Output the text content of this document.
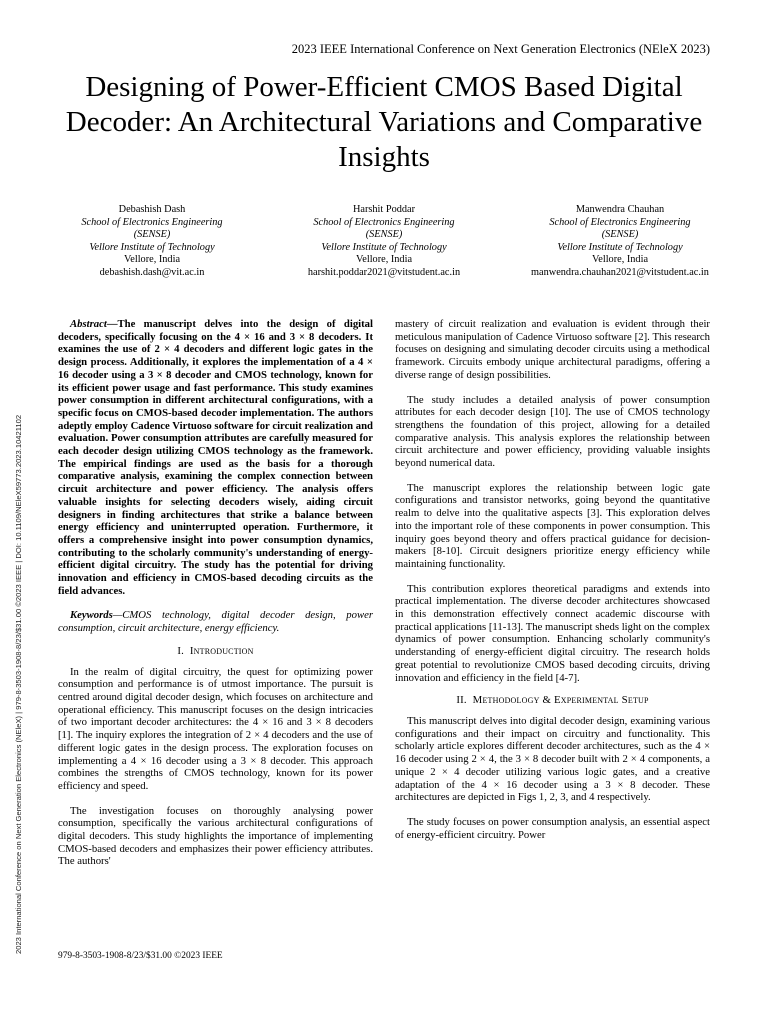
2023 IEEE International Conference on Next Generation Electronics (NEleX 2023)
Designing of Power-Efficient CMOS Based Digital Decoder: An Architectural Variations and Comparative Insights
Debashish Dash
School of Electronics Engineering
(SENSE)
Vellore Institute of Technology
Vellore, India
debashish.dash@vit.ac.in
Harshit Poddar
School of Electronics Engineering
(SENSE)
Vellore Institute of Technology
Vellore, India
harshit.poddar2021@vitstudent.ac.in
Manwendra Chauhan
School of Electronics Engineering
(SENSE)
Vellore Institute of Technology
Vellore, India
manwendra.chauhan2021@vitstudent.ac.in
2023 International Conference on Next Generation Electronics (NEleX) | 979-8-3503-1908-8/23/$31.00 ©2023 IEEE | DOI: 10.1109/NEleX59773.2023.10421102

Abstract—The manuscript delves into the design of digital decoders, specifically focusing on the 4 × 16 and 3 × 8 decoders. It examines the use of 2 × 4 decoders and different logic gates in the design process. Additionally, it explores the implementation of a 4 × 16 decoder using a 3 × 8 decoder and CMOS technology, known for its efficient power usage and fast performance. This study examines power consumption in different architectural configurations, with a specific focus on CMOS-based decoder implementation. The authors adeptly employ Cadence Virtuoso software for circuit realization and evaluation. Power consumption attributes are carefully measured for each decoder design utilizing CMOS technology as the framework. The empirical findings are used as the basis for a thorough comparative analysis, examining the complex connection between circuit architecture and power efficiency. The analysis offers valuable insights for selecting decoders wisely, aiding circuit designers in finding architectures that strike a balance between energy efficiency and uninterrupted operation. Furthermore, it offers a comprehensive insight into power consumption dynamics, contributing to the scholarly community's understanding of energy-efficient digital circuitry. The study has the potential for driving innovation and efficiency in CMOS-based decoding circuits as the field advances.

Keywords—CMOS technology, digital decoder design, power consumption, circuit architecture, energy efficiency.

I. Introduction

In the realm of digital circuitry, the quest for optimizing power consumption and performance is of utmost importance. The pursuit is centred around digital decoder design, which focuses on architecture and operational efficiency. This manuscript focuses on the design intricacies of two important decoder architectures: the 4 × 16 and 3 × 8 decoders [1]. The inquiry explores the integration of 2 × 4 decoders and the use of different logic gates in the design process. The exploration focuses on implementing a 4 × 16 decoder using a 3 × 8 decoder. This approach combines the strengths of CMOS technology, known for its power efficiency and speed.

The investigation focuses on thoroughly analysing power consumption, specifically the various architectural configurations of digital decoders. This study highlights the importance of implementing CMOS-based decoders and emphasizes their power efficiency attributes. The authors'

mastery of circuit realization and evaluation is evident through their meticulous manipulation of Cadence Virtuoso software [2]. This research focuses on designing and simulating decoder circuits using a methodical framework. Circuits embody unique architectural paradigms, offering a diverse range of design possibilities.

The study includes a detailed analysis of power consumption attributes for each decoder design [10]. The use of CMOS technology strengthens the foundation of this project, allowing for a detailed comparative analysis. This analysis explores the relationship between circuit architecture and power efficiency, providing valuable insights beyond numerical data.

The manuscript explores the relationship between logic gate configurations and transistor networks, going beyond the quantitative realm to delve into the qualitative aspects [3]. This exploration delves into the important role of these components in power consumption. This inquiry goes beyond theory and offers practical guidance for decision-makers [8-10]. Circuit designers prioritize energy efficiency while maintaining functionality.

This contribution explores theoretical paradigms and extends into practical implementation. The diverse decoder architectures showcased in this demonstration effectively connect academic discourse with practical applications [11-13]. The manuscript sheds light on the complex dynamics of power consumption. Enhancing scholarly community's understanding of energy-efficient digital circuitry. The research holds great potential to revolutionize CMOS based decoding circuits, driving innovation and efficiency in the field [4-7].

II. Methodology & Experimental Setup

This manuscript delves into digital decoder design, examining various configurations and their impact on circuitry and functionality. This scholarly article explores different decoder architectures, such as the 4 × 16 decoder using 2 × 4, the 3 × 8 decoder built with 2 × 4 components, a unique 2 × 4 decoder utilizing various logic gates, and a creative adaptation of the 4 × 16 decoder using a 3 × 8 decoder. These architectures are depicted in Figs 1, 2, 3, and 4 respectively.

The study focuses on power consumption analysis, an essential aspect of energy-efficient circuitry. Power

979-8-3503-1908-8/23/$31.00 ©2023 IEEE
